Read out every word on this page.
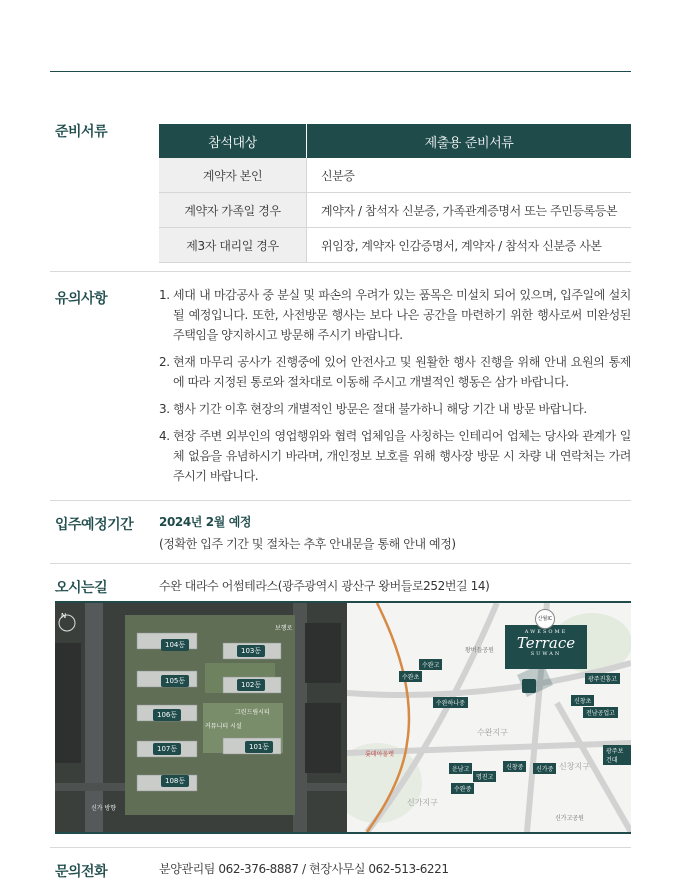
준비서류
참석대상	제출용 준비서류
계약자 본인	신분증
계약자 가족일 경우	계약자 / 참석자 신분증, 가족관계증명서 또는 주민등록등본
제3자 대리일 경우	위임장, 계약자 인감증명서, 계약자 / 참석자 신분증 사본
유의사항	1. 세대 내 마감공사 중 분실 및 파손의 우려가 있는 품목은 미설치 되어 있으며, 입주일에 설치될 예정입니다. 또한, 사전방문 행사는 보다 나은 공간을 마련하기 위한 행사로써 미완성된 주택임을 양지하시고 방문해 주시기 바랍니다.
2. 현재 마무리 공사가 진행중에 있어 안전사고 및 원활한 행사 진행을 위해 안내 요원의 통제에 따라 지정된 통로와 절차대로 이동해 주시고 개별적인 행동은 삼가 바랍니다.
3. 행사 기간 이후 현장의 개별적인 방문은 절대 불가하니 해당 기간 내 방문 바랍니다.
4. 현장 주변 외부인의 영업행위와 협력 업체임을 사칭하는 인테리어 업체는 당사와 관계가 일체 없음을 유념하시기 바라며, 개인정보 보호를 위해 행사장 방문 시 차량 내 연락처는 가려주시기 바랍니다.
입주예정기간 2024년 2월 예정
(정확한 입주 기간 및 절차는 추후 안내문을 통해 안내 예정)
오시는길	수완 대라수 어썸테라스(광주광역시 광산구 왕버들로252번길 14)
N
104동
103동
105동	102동
106동
101동
107동
108동
커뮤니티 시설
그린드림시티
보행로
신가 방향
AWESOME
Terrace
SUWAN
산월IC
수완고
수완초
수완하나중	신창초
광주진흥고
전남공업고
광주보건대
운남고
명진고
신창중
수완중
신가중
수완지구
신창지구
신가지구
왕버들공원
롯데아울렛
신가고공원
문의전화	분양관리팀 062-376-8887 / 현장사무실 062-513-6221
